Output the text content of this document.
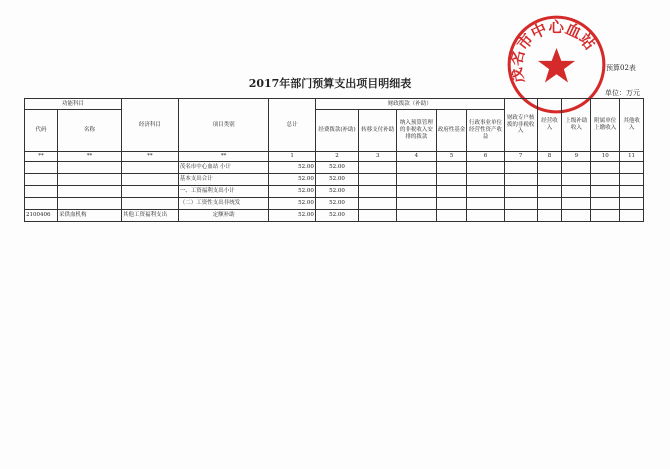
2017年部门预算支出项目明细表
预算02表
单位：万元
茂名市中心血站
功能科目		经济科目	项目类别	总计	财政拨款（补助）					财政专户核拨的非税收入	经营收入	上级补助收入	附属单位上缴收入	其他收入
代码	名称				经费拨款(补助)	转移支付补助	纳入预算管理的非税收入安排的拨款	政府性基金	行政事业单位经营性资产收益					
**	**	**	**	1	2	3	4	5	6	7	8	9	10	11
			茂名市中心血站 小计	52.00	52.00									
			基本支出合计	52.00	52.00									
			一、工资福利支出小计	52.00	52.00									
			（二）工资性支出非统发	52.00	52.00									
2100406	采供血机构	其他工资福利支出	定额补助	52.00	52.00									
